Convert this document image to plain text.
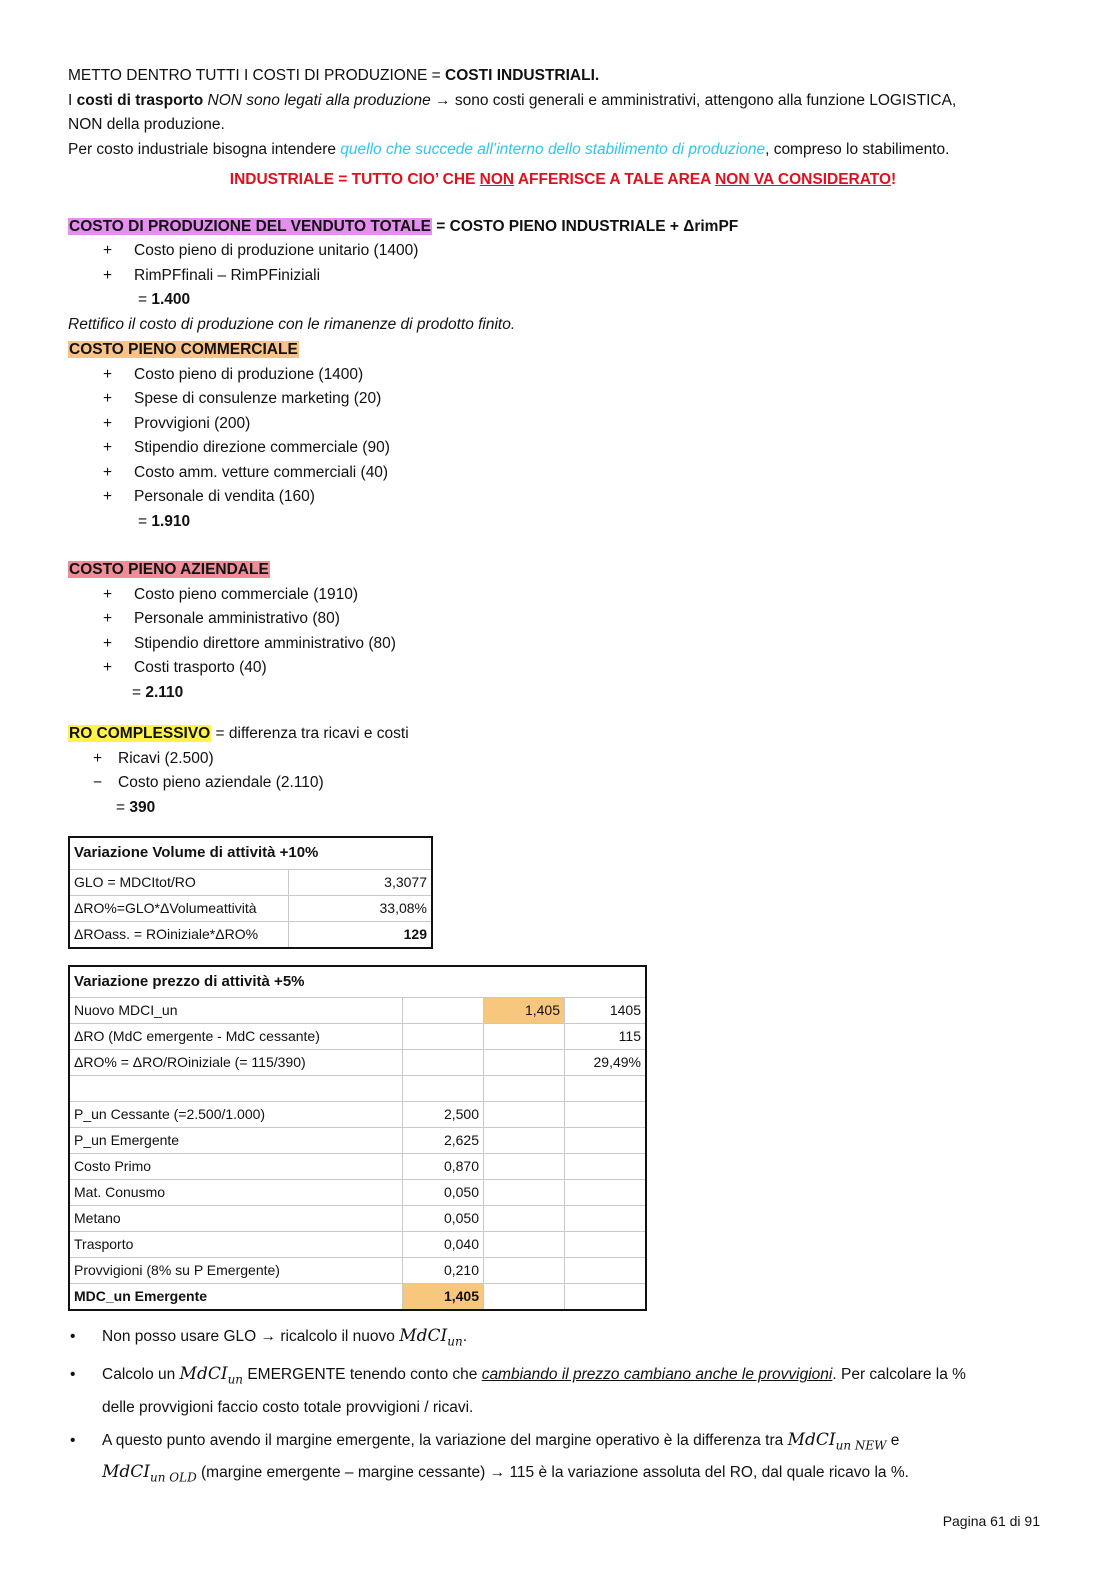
METTO DENTRO TUTTI I COSTI DI PRODUZIONE = COSTI INDUSTRIALI.

I costi di trasporto NON sono legati alla produzione → sono costi generali e amministrativi, attengono alla funzione LOGISTICA,

NON della produzione.

Per costo industriale bisogna intendere quello che succede all’interno dello stabilimento di produzione, compreso lo stabilimento.

INDUSTRIALE = TUTTO CIO’ CHE NON AFFERISCE A TALE AREA NON VA CONSIDERATO!

COSTO DI PRODUZIONE DEL VENDUTO TOTALE = COSTO PIENO INDUSTRIALE + ΔrimPF

+	Costo pieno di produzione unitario (1400)
+	RimPFfinali – RimPFiniziali

= 1.400

Rettifico il costo di produzione con le rimanenze di prodotto finito.

COSTO PIENO COMMERCIALE

+	Costo pieno di produzione (1400)
+	Spese di consulenze marketing (20)
+	Provvigioni (200)
+	Stipendio direzione commerciale (90)
+	Costo amm. vetture commerciali (40)
+	Personale di vendita (160)

= 1.910

COSTO PIENO AZIENDALE

+	Costo pieno commerciale (1910)
+	Personale amministrativo (80)
+	Stipendio direttore amministrativo (80)
+	Costi trasporto (40)

= 2.110

RO COMPLESSIVO = differenza tra ricavi e costi

+	Ricavi (2.500)
−	Costo pieno aziendale (2.110)

= 390

Variazione Volume di attività +10%	
GLO = MDCItot/RO	3,3077
ΔRO%=GLO*ΔVolumeattività	33,08%
ΔROass. = ROiniziale*ΔRO%	129
Variazione prezzo di attività +5%			
Nuovo MDCI_un		1,405	1405
ΔRO (MdC emergente - MdC cessante)			115
ΔRO% = ΔRO/ROiniziale (= 115/390)			29,49%

P_un Cessante (=2.500/1.000)	2,500		
P_un Emergente	2,625		
Costo Primo	0,870		
Mat. Conusmo	0,050		
Metano	0,050		
Trasporto	0,040		
Provvigioni (8% su P Emergente)	0,210		
MDC_un Emergente	1,405		
•	Non posso usare GLO → ricalcolo il nuovo MdCI$_{un}$.
•	Calcolo un MdCI$_{un}$ EMERGENTE tenendo conto che cambiando il prezzo cambiano anche le provvigioni. Per calcolare la %
delle provvigioni faccio costo totale provvigioni / ricavi.
•	A questo punto avendo il margine emergente, la variazione del margine operativo è la differenza tra MdCI$_{un NEW}$ e
MdCI$_{un OLD}$ (margine emergente – margine cessante) → 115 è la variazione assoluta del RO, dal quale ricavo la %.
Pagina 61 di 91
